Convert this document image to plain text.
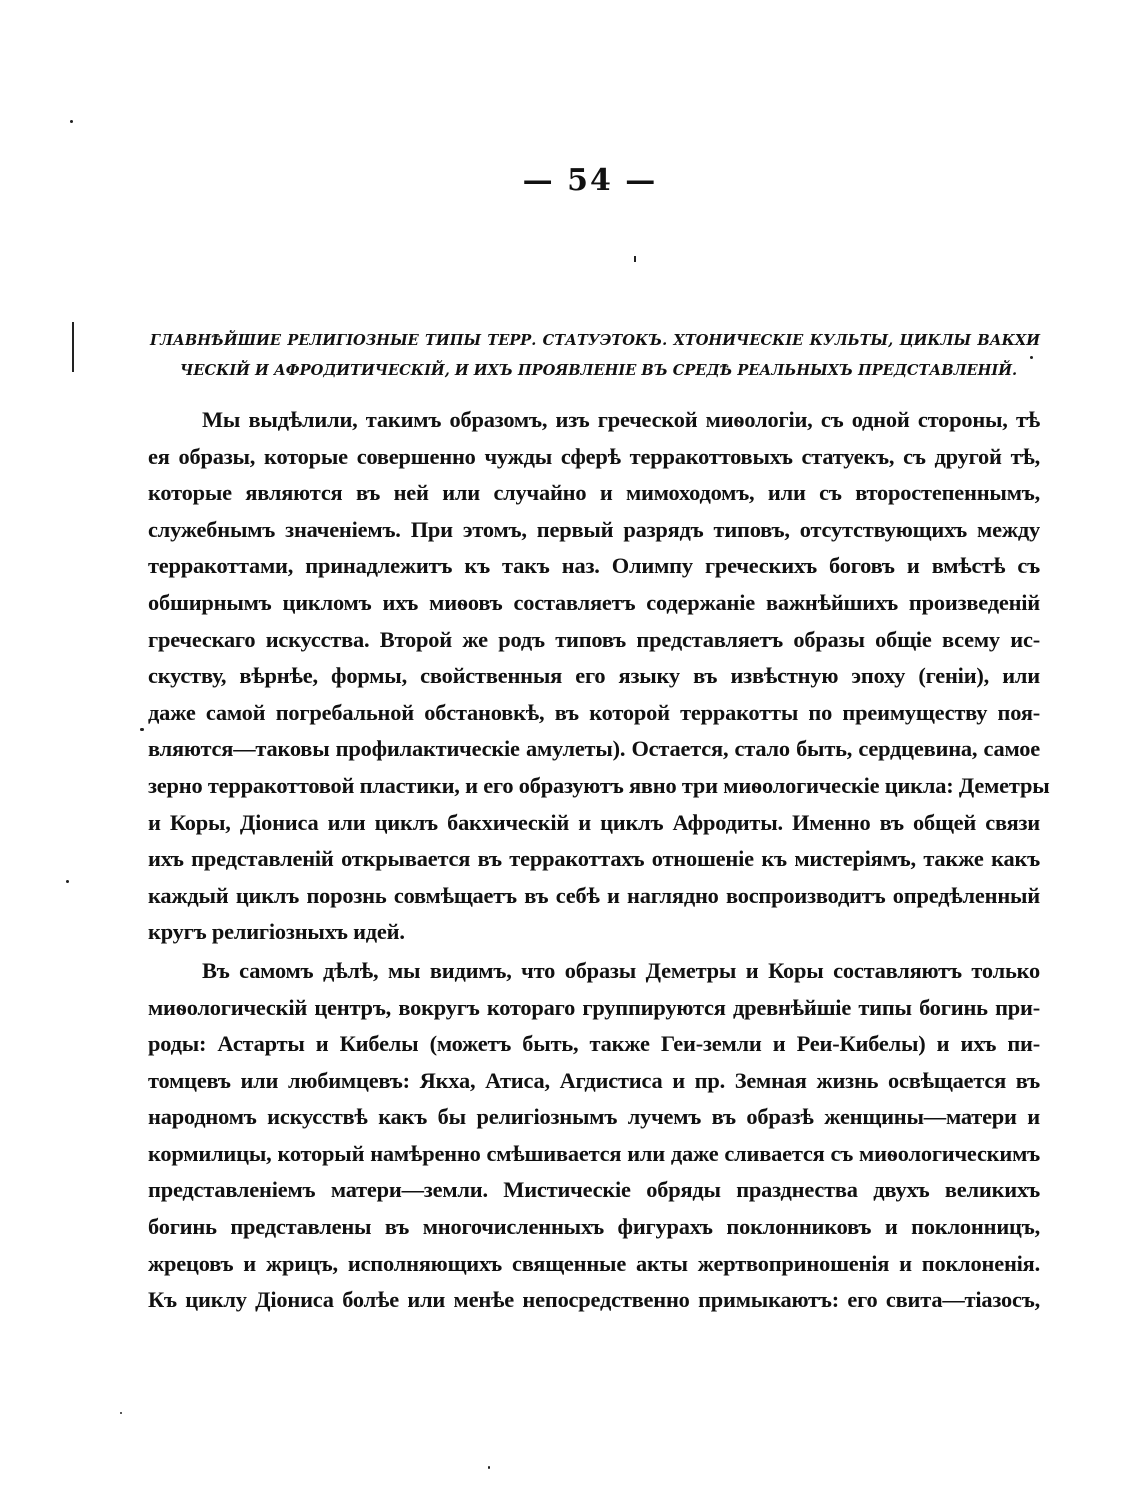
— 54 —
ГЛАВНѢЙШИЕ РЕЛИГІОЗНЫЕ ТИПЫ ТЕРР. СТАТУЭТОКЪ. ХТОНИЧЕСКІЕ КУЛЬТЫ, ЦИКЛЫ ВАКХИ
ЧЕСКІЙ И АФРОДИТИЧЕСКІЙ, И ИХЪ ПРОЯВЛЕНІЕ ВЪ СРЕДѢ РЕАЛЬНЫХЪ ПРЕДСТАВЛЕНІЙ.
Мы выдѣлили, такимъ образомъ, изъ греческой миѳологіи, съ одной стороны, тѣ
ея образы, которые совершенно чужды сферѣ терракоттовыхъ статуекъ, съ другой тѣ,
которые являются въ ней или случайно и мимоходомъ, или съ второстепеннымъ,
служебнымъ значеніемъ. При этомъ, первый разрядъ типовъ, отсутствующихъ между
терракоттами, принадлежитъ къ такъ наз. Олимпу греческихъ боговъ и вмѣстѣ съ
обширнымъ цикломъ ихъ миѳовъ составляетъ содержаніе важнѣйшихъ произведеній
греческаго искусства. Второй же родъ типовъ представляетъ образы общіе всему ис-
скуству, вѣрнѣе, формы, свойственныя его языку въ извѣстную эпоху (геніи), или
даже самой погребальной обстановкѣ, въ которой терракотты по преимуществу поя-
вляются—таковы профилактическіе амулеты). Остается, стало быть, сердцевина, самое
зерно терракоттовой пластики, и его образуютъ явно три миѳологическіе цикла: Деметры
и Коры, Діониса или циклъ бакхическій и циклъ Афродиты. Именно въ общей связи
ихъ представленій открывается въ терракоттахъ отношеніе къ мистеріямъ, также какъ
каждый циклъ порознь совмѣщаетъ въ себѣ и наглядно воспроизводитъ опредѣленный
кругъ религіозныхъ идей.
Въ самомъ дѣлѣ, мы видимъ, что образы Деметры и Коры составляютъ только
миѳологическій центръ, вокругъ котораго группируются древнѣйшіе типы богинь при-
роды: Астарты и Кибелы (можетъ быть, также Геи-земли и Реи-Кибелы) и ихъ пи-
томцевъ или любимцевъ: Якха, Атиса, Агдистиса и пр. Земная жизнь освѣщается въ
народномъ искусствѣ какъ бы религіознымъ лучемъ въ образѣ женщины—матери и
кормилицы, который намѣренно смѣшивается или даже сливается съ миѳологическимъ
представленіемъ матери—земли. Мистическіе обряды празднества двухъ великихъ
богинь представлены въ многочисленныхъ фигурахъ поклонниковъ и поклонницъ,
жрецовъ и жрицъ, исполняющихъ священные акты жертвоприношенія и поклоненія.
Къ циклу Діониса болѣе или менѣе непосредственно примыкаютъ: его свита—тіазосъ,
